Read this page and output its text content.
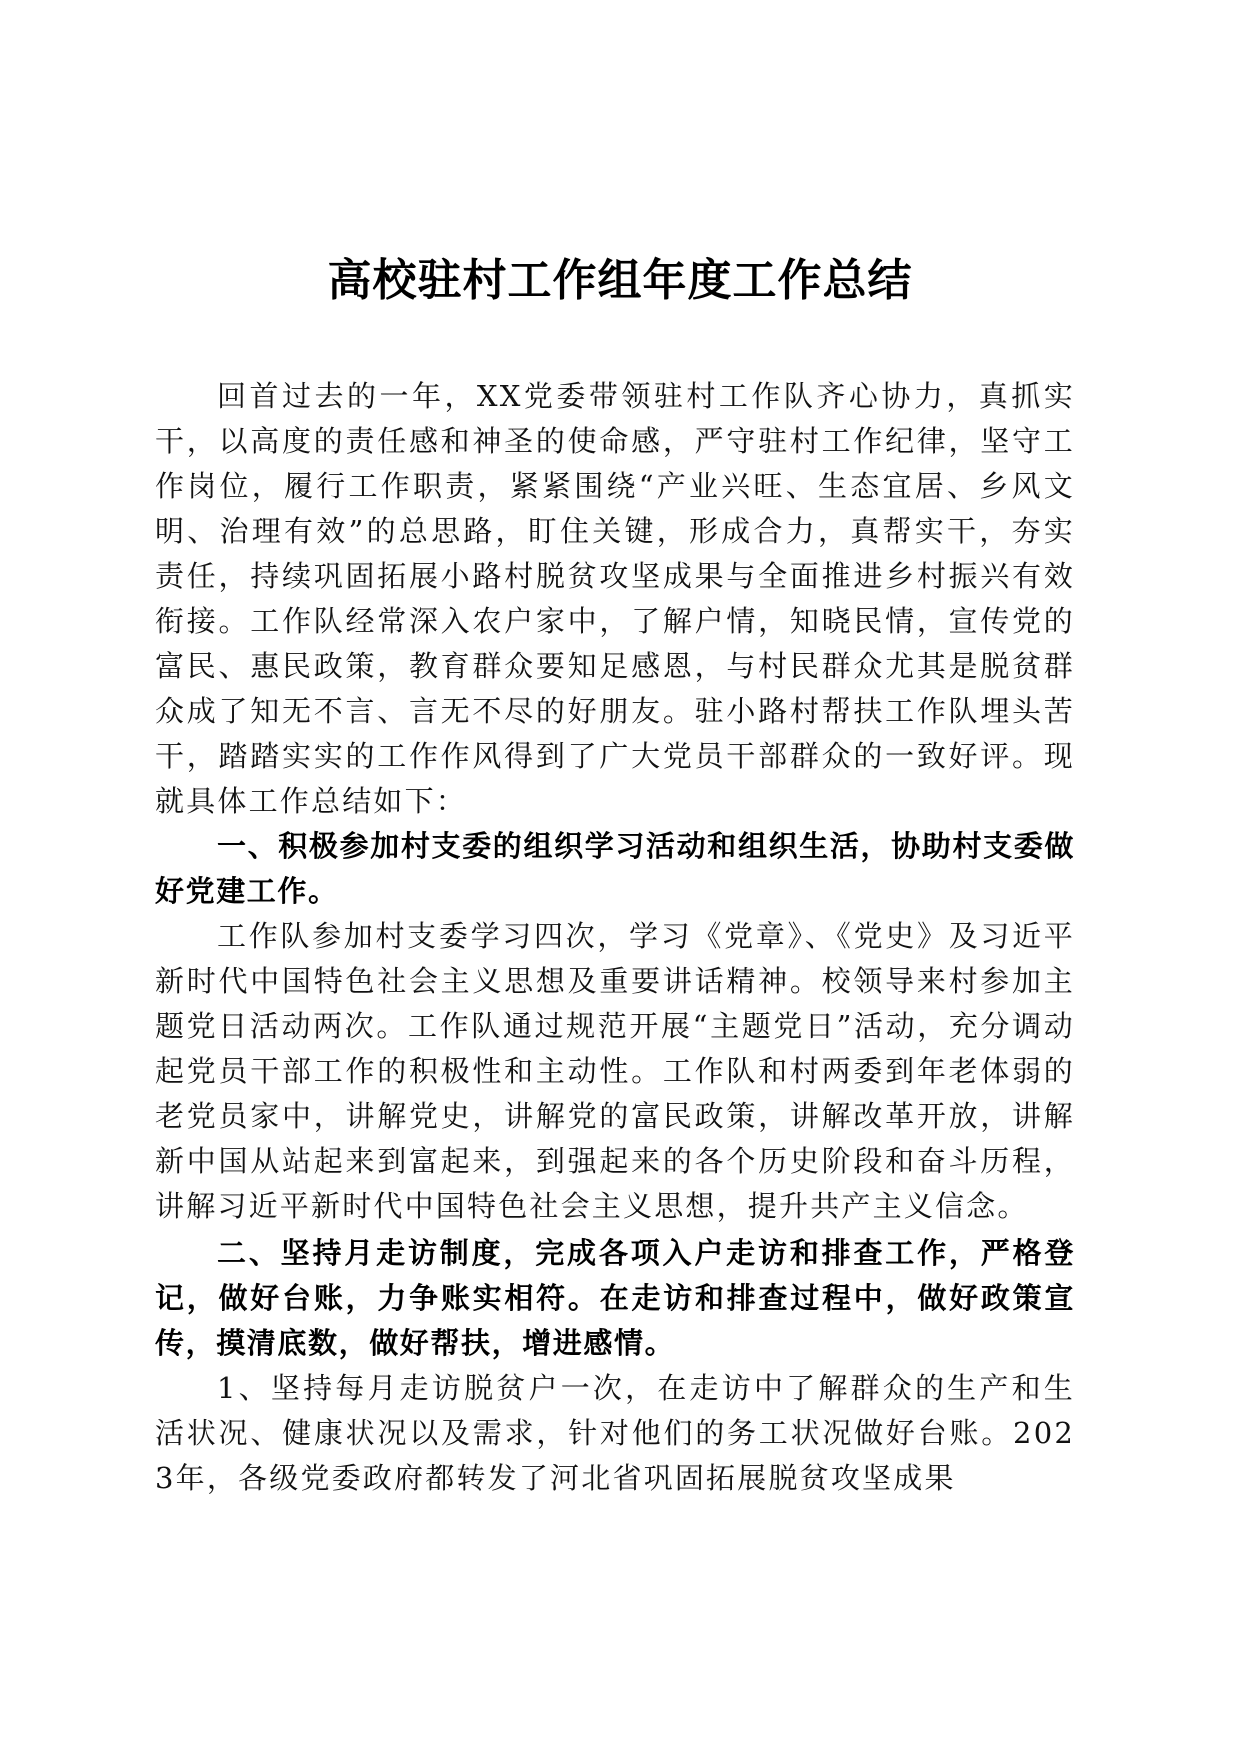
高校驻村工作组年度工作总结

回首过去的一年，XX党委带领驻村工作队齐心协力，真抓实干，以高度的责任感和神圣的使命感，严守驻村工作纪律，坚守工作岗位，履行工作职责，紧紧围绕“产业兴旺、生态宜居、乡风文明、治理有效”的总思路，盯住关键，形成合力，真帮实干，夯实责任，持续巩固拓展小路村脱贫攻坚成果与全面推进乡村振兴有效衔接。工作队经常深入农户家中，了解户情，知晓民情，宣传党的富民、惠民政策，教育群众要知足感恩，与村民群众尤其是脱贫群众成了知无不言、言无不尽的好朋友。驻小路村帮扶工作队埋头苦干，踏踏实实的工作作风得到了广大党员干部群众的一致好评。现就具体工作总结如下：

一、积极参加村支委的组织学习活动和组织生活，协助村支委做好党建工作。

工作队参加村支委学习四次，学习《党章》、《党史》及习近平新时代中国特色社会主义思想及重要讲话精神。校领导来村参加主题党日活动两次。工作队通过规范开展“主题党日”活动，充分调动起党员干部工作的积极性和主动性。工作队和村两委到年老体弱的老党员家中，讲解党史，讲解党的富民政策，讲解改革开放，讲解新中国从站起来到富起来，到强起来的各个历史阶段和奋斗历程，讲解习近平新时代中国特色社会主义思想，提升共产主义信念。

二、坚持月走访制度，完成各项入户走访和排查工作，严格登记，做好台账，力争账实相符。在走访和排查过程中，做好政策宣传，摸清底数，做好帮扶，增进感情。

1、坚持每月走访脱贫户一次，在走访中了解群众的生产和生活状况、健康状况以及需求，针对他们的务工状况做好台账。2023年，各级党委政府都转发了河北省巩固拓展脱贫攻坚成果
